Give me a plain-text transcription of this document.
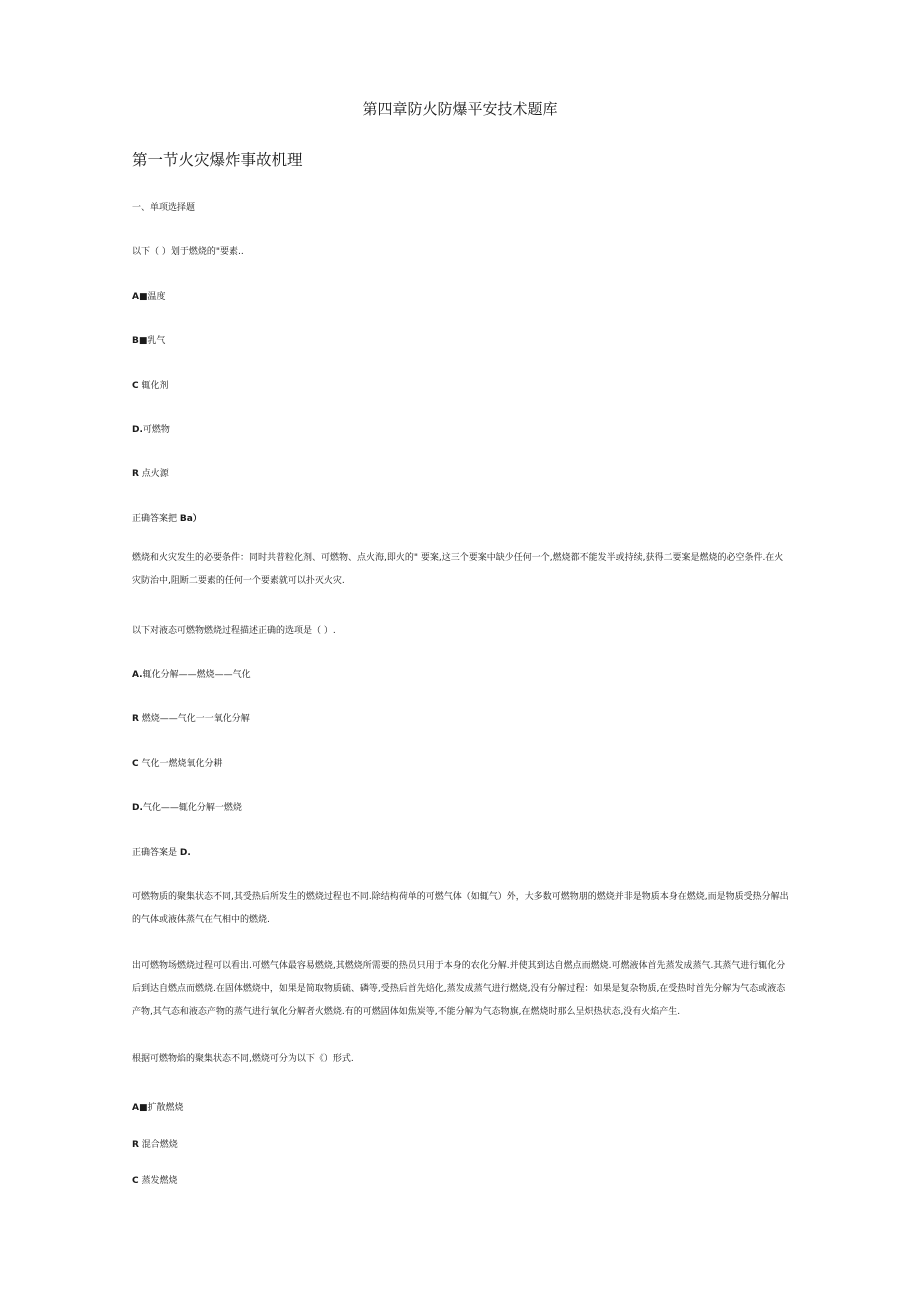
第四章防火防爆平安技术题库
第一节火灾爆炸事故机理
一、单项选择题
以下（ ）划于燃烧的"要素..
A■温度
B■乳气
C 辄化剂
D.可燃物
R 点火源
正确答案把 Ba）
燃烧和火灾发生的必要条件：同时共普粒化剂、可燃物、点火海,即火的" 要案,这三个要案中缺少任何一个,燃烧都不能发半或持续,获得二要案是燃烧的必空条件.在火灾防治中,阻断二要素的任何一个要素就可以扑灭火灾.
以下对液态可燃物燃烧过程描述正确的选项是（ ）.
A.辄化分解——燃烧——气化
R 燃烧——气化一一氧化分解
C 气化一燃烧氧化分耕
D.气化——辄化分解一燃烧
正确答案是 D.
可燃物质的聚集状态不同,其受热后所发生的燃烧过程也不同.除结构荷单的可燃气体（如辄气）外，大多数可燃物朋的燃烧并非是物质本身在燃烧,而是物质受热分解出的气体或液体蒸气在气相中的燃烧.
出可燃物场燃烧过程可以看出.可燃气体最容易燃烧,其燃烧所需要的热员只用于本身的农化分解.并使其到达自燃点而燃烧.可燃液体首先蒸发成蒸气.其蒸气进行辄化分后到达自燃点而燃烧.在固体燃烧中，如果是简取物质硫、磷等,受热后首先焙化,蒸发成蒸气进行燃烧,没有分解过程：如果是复杂物质,在受热时首先分解为气态或液态产物,其气态和液态产物的蒸气进行氧化分解者火燃烧.有的可燃固体如焦炭等,不能分解为气态物旗,在燃烧时那么呈炽热状态,没有火焰产生.
根据可燃物焰的聚集状态不同,燃烧可分为以下《）形式.
A■扩散燃烧
R 混合燃烧
C 蒸发燃烧
